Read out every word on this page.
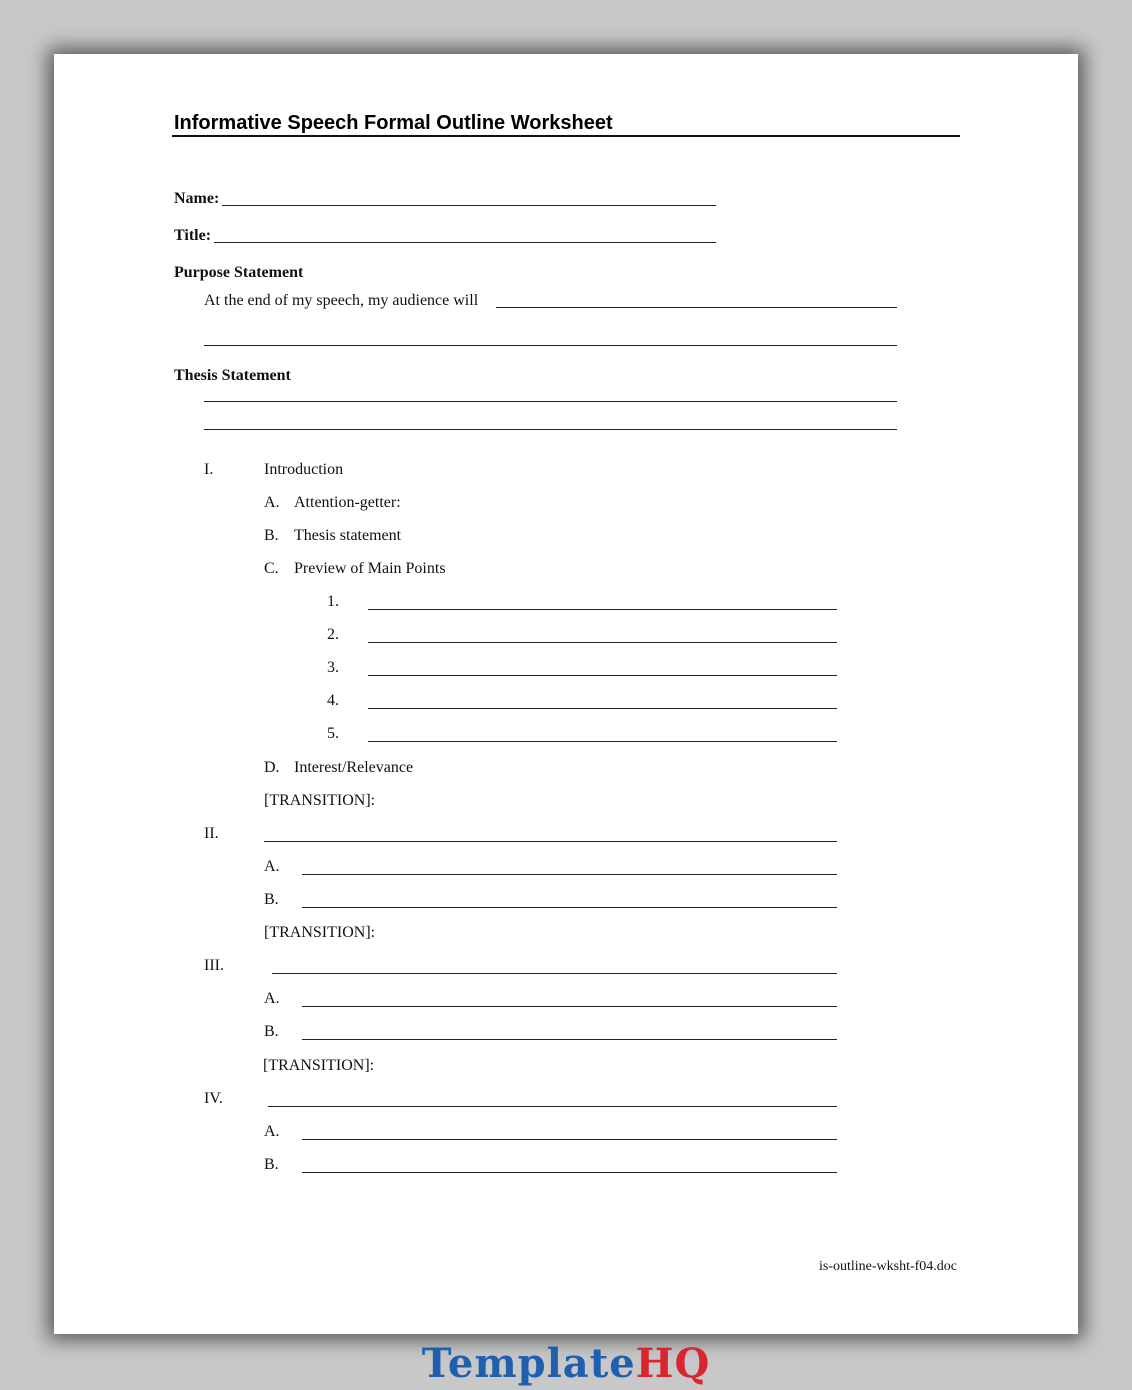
Informative Speech Formal Outline Worksheet
Name:
Title:
Purpose Statement
At the end of my speech, my audience will
Thesis Statement
I.	Introduction
A. Attention-getter:
B. Thesis statement
C. Preview of Main Points
1.
2.
3.
4.
5.
D. Interest/Relevance
[TRANSITION]:
II.
A.
B.
[TRANSITION]:
III.
A.
B.
[TRANSITION]:
IV.
A.
B.
is-outline-wksht-f04.doc
TemplateHQ
